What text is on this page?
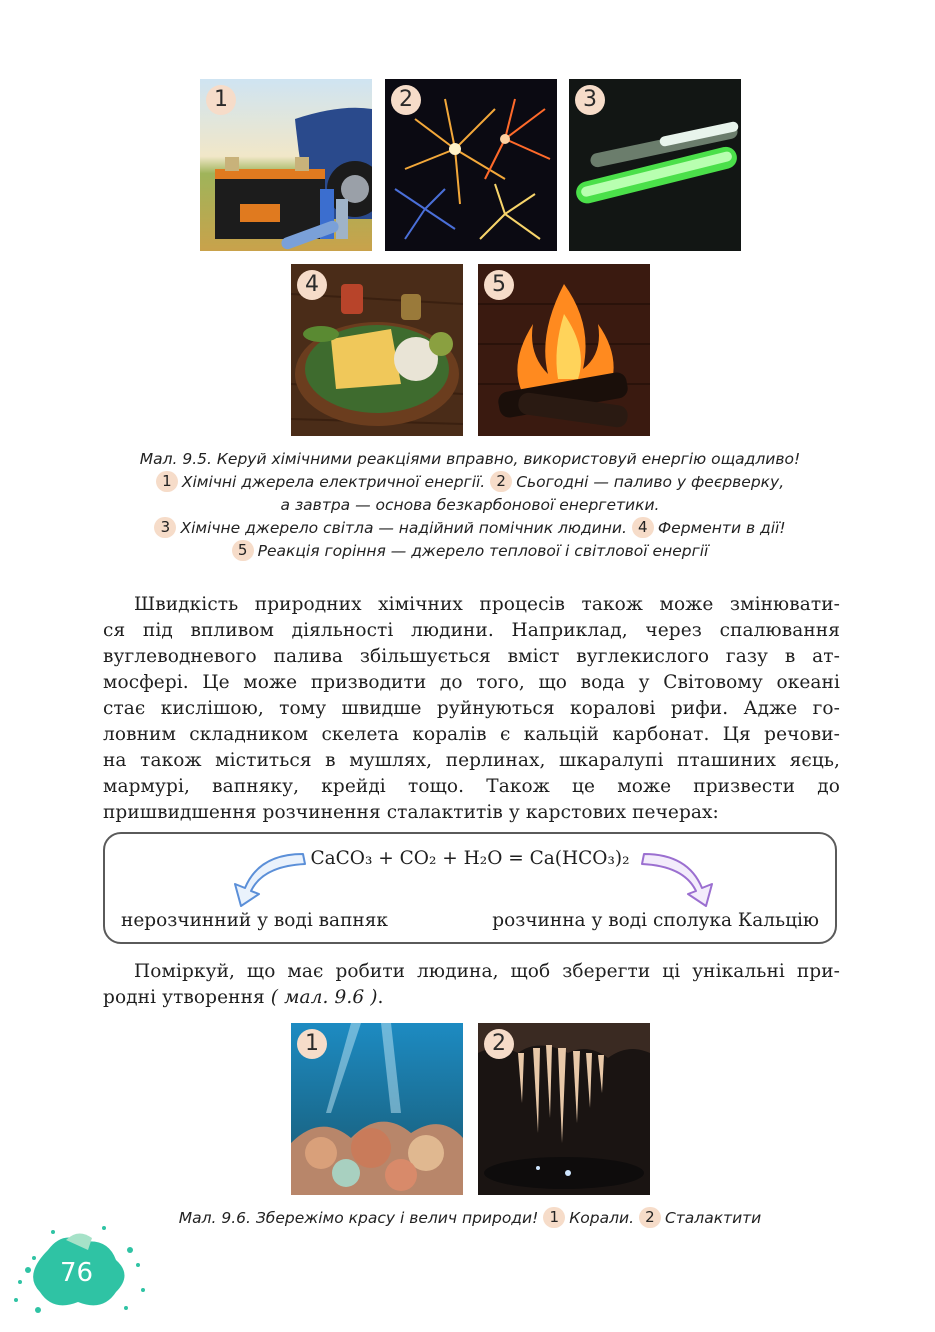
1	2	3
4	5
Мал. 9.5. Керуй хімічними реакціями вправно, використовуй енергію ощадливо!
1 Хімічні джерела електричної енергії. 2 Сьогодні — паливо у феєрверку,
а завтра — основа безкарбонової енергетики.
3 Хімічне джерело світла — надійний помічник людини. 4 Ферменти в дії!
5 Реакція горіння — джерело теплової і світлової енергії
Швидкість природних хімічних процесів також може змінювати-
ся під впливом діяльності людини. Наприклад, через спалювання
вуглеводневого палива збільшується вміст вуглекислого газу в ат-
мосфері. Це може призводити до того, що вода у Світовому океані
стає кислішою, тому швидше руйнуються коралові рифи. Адже го-
ловним складником скелета коралів є кальцій карбонат. Ця речови-
на також міститься в мушлях, перлинах, шкаралупі пташиних яєць,
мармурі, вапняку, крейді тощо. Також це може призвести до
пришвидшення розчинення сталактитів у карстових печерах:
CaCO₃ + CO₂ + H₂O = Ca(HCO₃)₂
нерозчинний у воді вапняк	розчинна у воді сполука Кальцію
Поміркуй, що має робити людина, щоб зберегти ці унікальні при-
родні утворення ( мал. 9.6 ).
1	2
Мал. 9.6. Збережімо красу і велич природи! 1 Корали. 2 Сталактити
76
